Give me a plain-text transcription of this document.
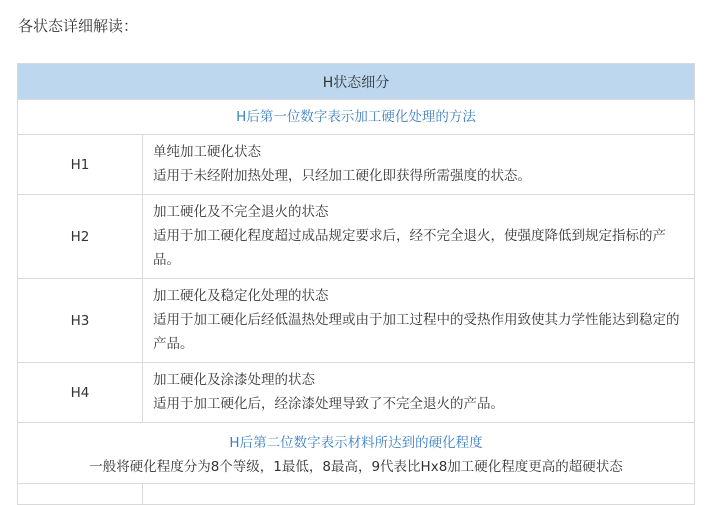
各状态详细解读：
H状态细分	
H后第一位数字表示加工硬化处理的方法	
H1	单纯加工硬化状态
适用于未经附加热处理，只经加工硬化即获得所需强度的状态。

H2	加工硬化及不完全退火的状态
适用于加工硬化程度超过成品规定要求后，经不完全退火，使强度降低到规定指标的产品。

H3	加工硬化及稳定化处理的状态
适用于加工硬化后经低温热处理或由于加工过程中的受热作用致使其力学性能达到稳定的产品。

H4	加工硬化及涂漆处理的状态
适用于加工硬化后，经涂漆处理导致了不完全退火的产品。

H后第二位数字表示材料所达到的硬化程度
一般将硬化程度分为8个等级，1最低，8最高，9代表比Hx8加工硬化程度更高的超硬状态	
